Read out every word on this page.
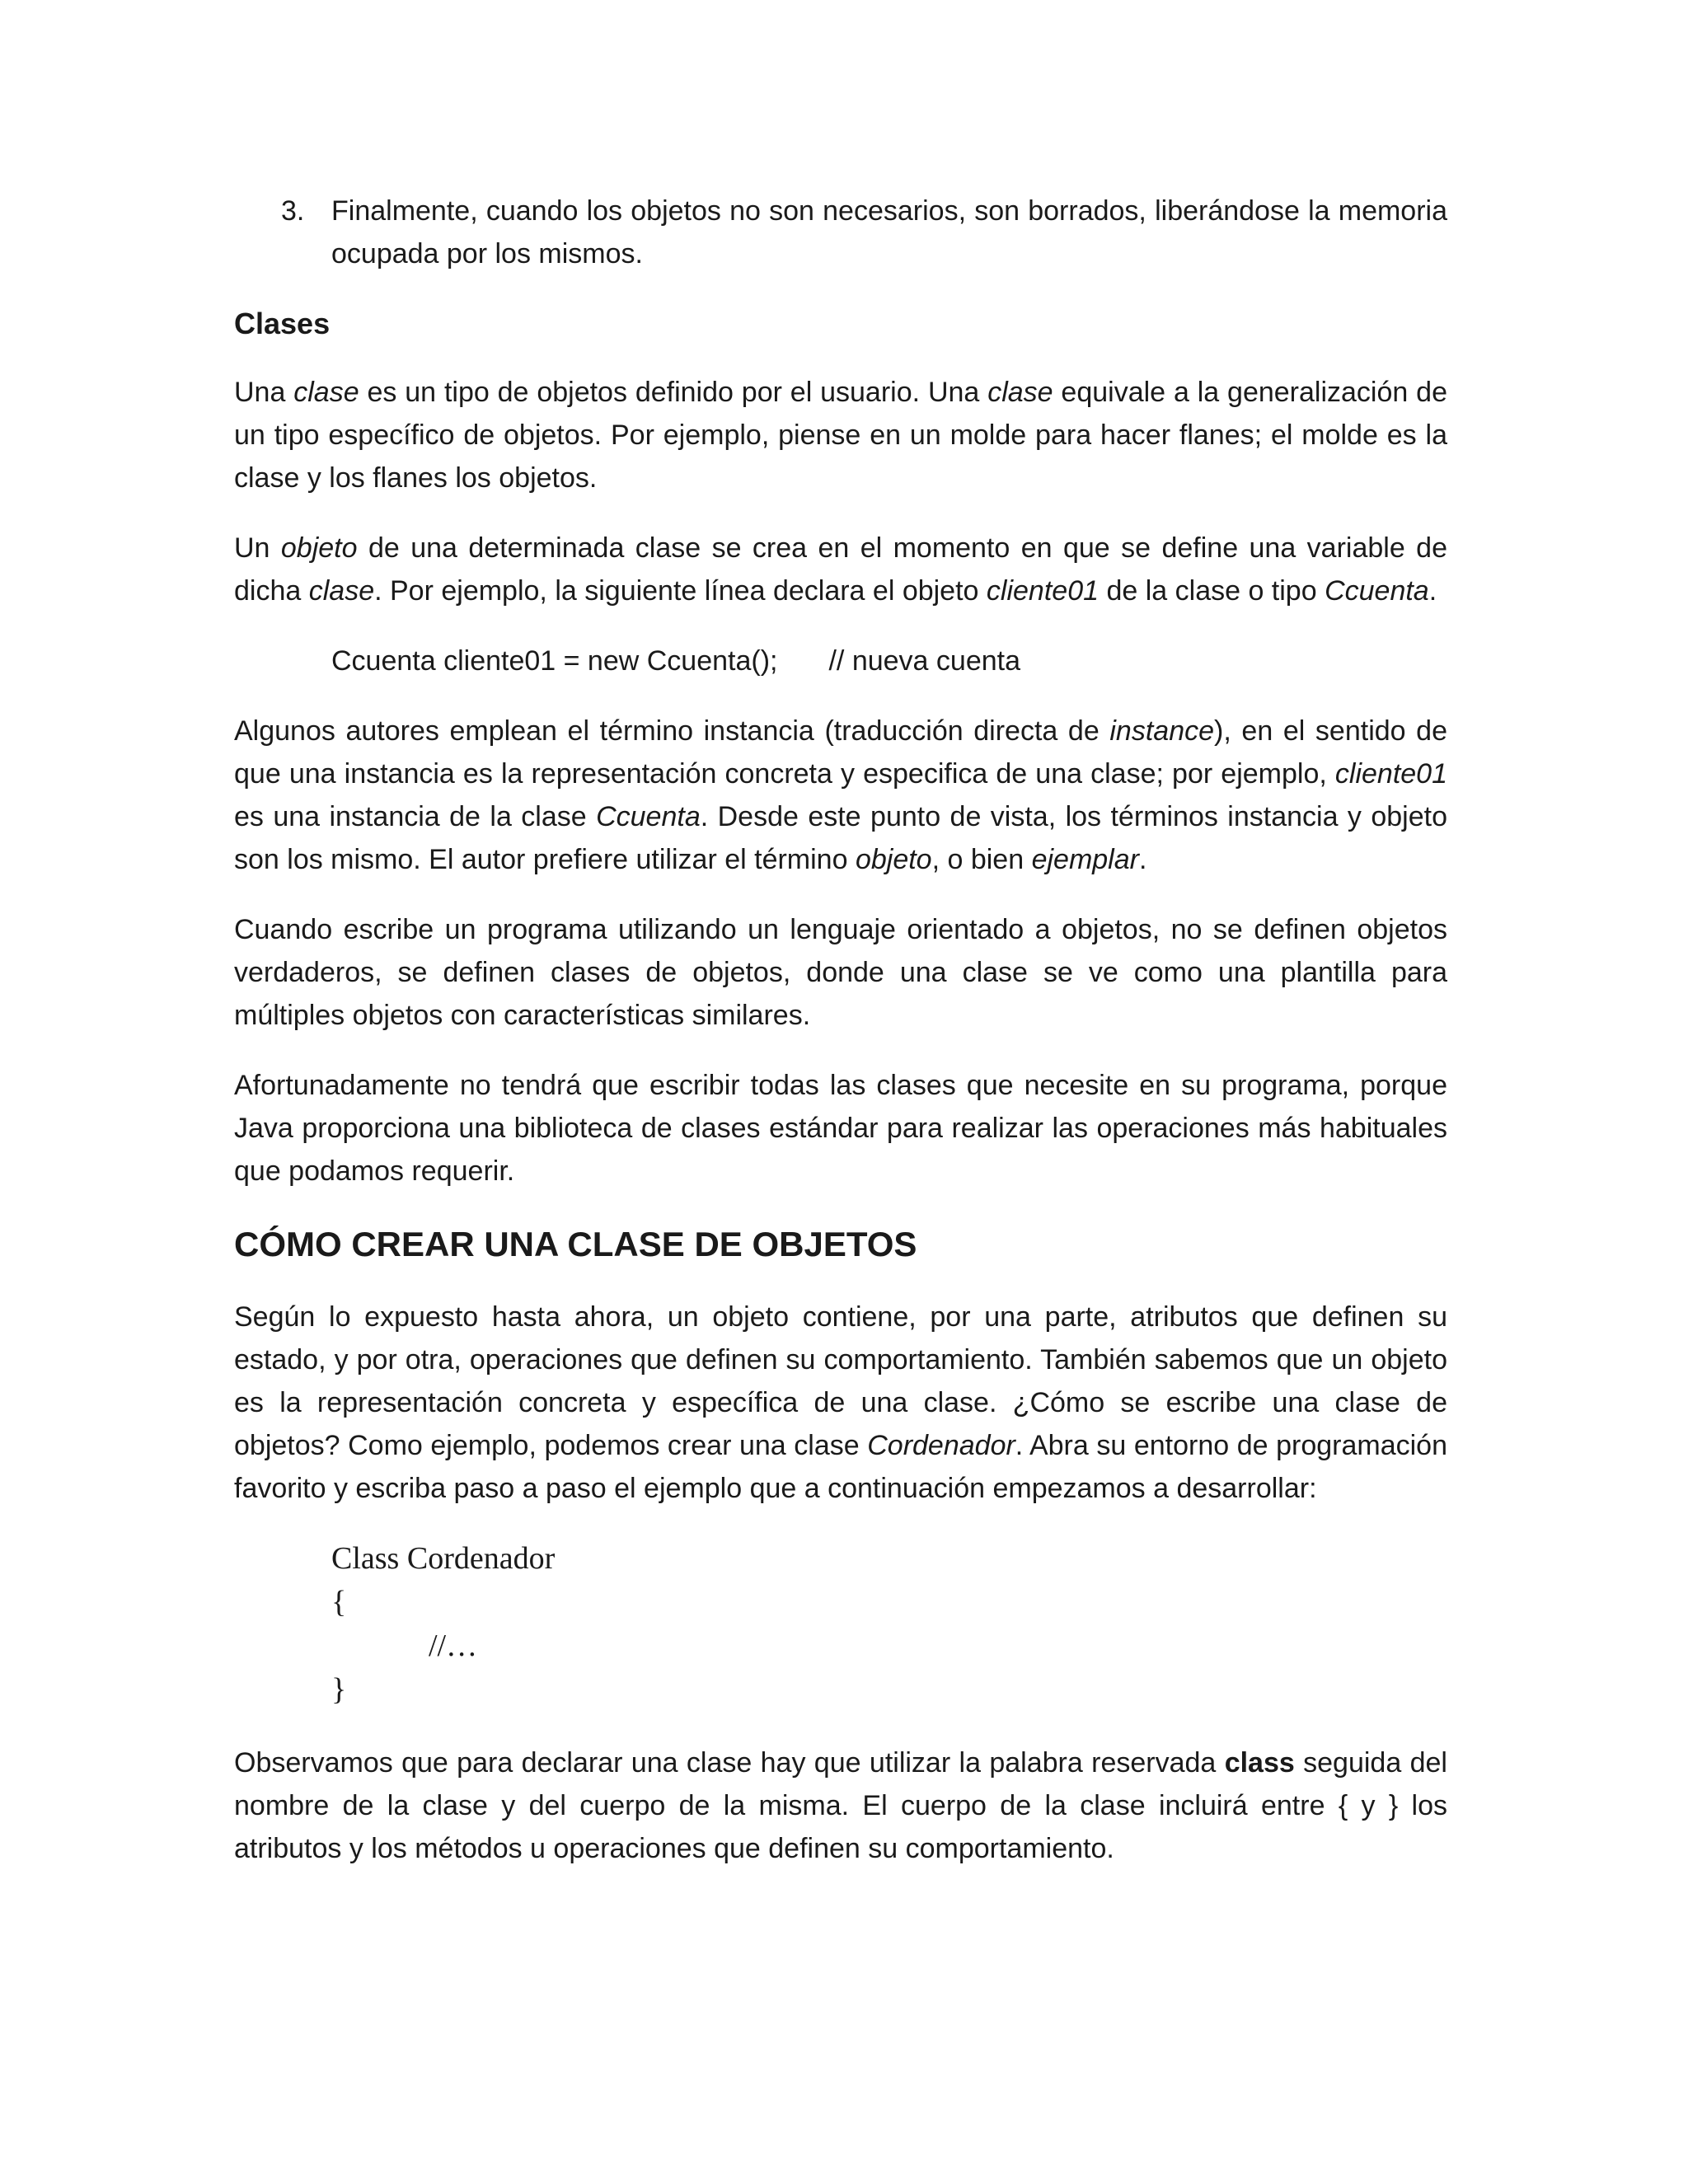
3. Finalmente, cuando los objetos no son necesarios, son borrados, liberándose la memoria ocupada por los mismos.
Clases

Una clase es un tipo de objetos definido por el usuario. Una clase equivale a la generalización de un tipo específico de objetos. Por ejemplo, piense en un molde para hacer flanes; el molde es la clase y los flanes los objetos.

Un objeto de una determinada clase se crea en el momento en que se define una variable de dicha clase. Por ejemplo, la siguiente línea declara el objeto cliente01 de la clase o tipo Ccuenta.

Ccuenta cliente01 = new Ccuenta(); // nueva cuenta

Algunos autores emplean el término instancia (traducción directa de instance), en el sentido de que una instancia es la representación concreta y especifica de una clase; por ejemplo, cliente01 es una instancia de la clase Ccuenta. Desde este punto de vista, los términos instancia y objeto son los mismo. El autor prefiere utilizar el término objeto, o bien ejemplar.

Cuando escribe un programa utilizando un lenguaje orientado a objetos, no se definen objetos verdaderos, se definen clases de objetos, donde una clase se ve como una plantilla para múltiples objetos con características similares.

Afortunadamente no tendrá que escribir todas las clases que necesite en su programa, porque Java proporciona una biblioteca de clases estándar para realizar las operaciones más habituales que podamos requerir.

CÓMO CREAR UNA CLASE DE OBJETOS

Según lo expuesto hasta ahora, un objeto contiene, por una parte, atributos que definen su estado, y por otra, operaciones que definen su comportamiento. También sabemos que un objeto es la representación concreta y específica de una clase. ¿Cómo se escribe una clase de objetos? Como ejemplo, podemos crear una clase Cordenador. Abra su entorno de programación favorito y escriba paso a paso el ejemplo que a continuación empezamos a desarrollar:

Class Cordenador
{
//…
}

Observamos que para declarar una clase hay que utilizar la palabra reservada class seguida del nombre de la clase y del cuerpo de la misma. El cuerpo de la clase incluirá entre { y } los atributos y los métodos u operaciones que definen su comportamiento.
